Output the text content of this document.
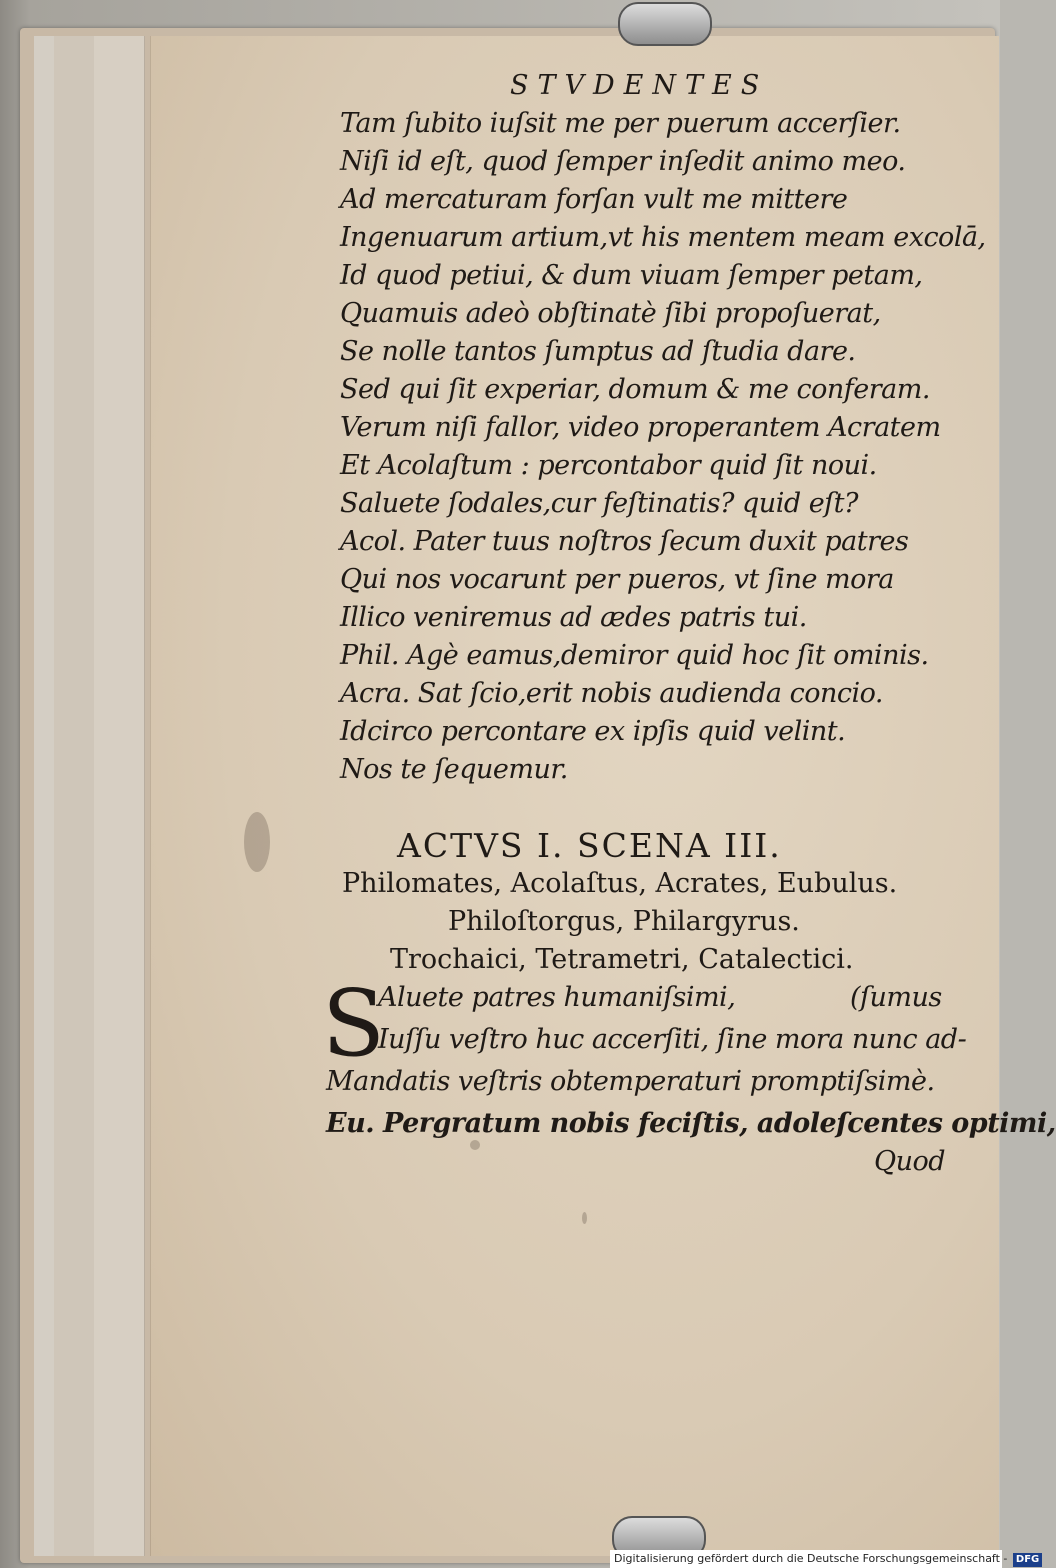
STVDENTES
Tam ſubito iuſsit me per puerum accerſier.
Niſi id eſt, quod ſemper inſedit animo meo.
Ad mercaturam forſan vult me mittere
Ingenuarum artium,vt his mentem meam excolā,
Id quod petiui, & dum viuam ſemper petam,
Quamuis adeò obſtinatè ſibi propoſuerat,
Se nolle tantos ſumptus ad ſtudia dare.
Sed qui ſit experiar, domum & me conferam.
Verum niſi fallor, video properantem Acratem
Et Acolaſtum : percontabor quid ſit noui.
Saluete ſodales,cur feſtinatis? quid eſt?
Acol. Pater tuus noſtros ſecum duxit patres
Qui nos vocarunt per pueros, vt ſine mora
Illico veniremus ad ædes patris tui.
Phil. Agè eamus,demiror quid hoc ſit ominis.
Acra. Sat ſcio,erit nobis audienda concio.
Idcirco percontare ex ipſis quid velint.
Nos te ſequemur.
ACTVS I. SCENA III.
Philomates, Acolaſtus, Acrates, Eubulus.
Philoſtorgus, Philargyrus.
Trochaici, Tetrametri, Catalectici.
S
Aluete patres humaniſsimi,	(ſumus
Iuſſu veſtro huc accerſiti, ſine mora nunc ad-
Mandatis veſtris obtemperaturi promptiſsimè.
Eu. Pergratum nobis feciſtis, adoleſcentes optimi,
Quod
Digitalisierung gefördert durch die Deutsche Forschungsgemeinschaft - DFG
